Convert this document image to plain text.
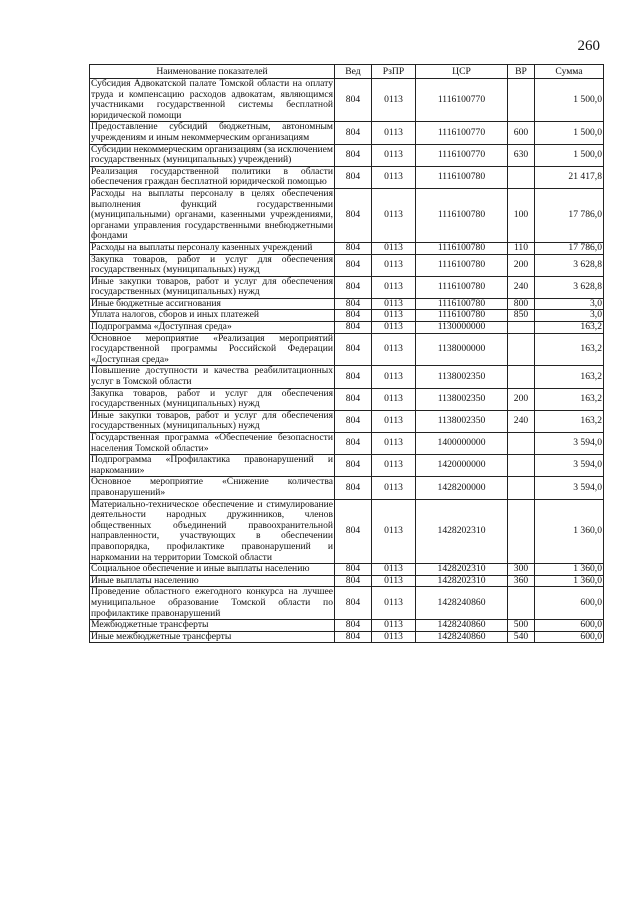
260
Наименование показателей	Вед	РзПР	ЦСР	ВР	Сумма
Субсидия Адвокатской палате Томской области на оплату труда и компенсацию расходов адвокатам, являющимся участниками государственной системы бесплатной юридической помощи	804	0113	1116100770		1 500,0
Предоставление субсидий бюджетным, автономным учреждениям и иным некоммерческим организациям	804	0113	1116100770	600	1 500,0
Субсидии некоммерческим организациям (за исключением государственных (муниципальных) учреждений)	804	0113	1116100770	630	1 500,0
Реализация государственной политики в области обеспечения граждан бесплатной юридической помощью	804	0113	1116100780		21 417,8
Расходы на выплаты персоналу в целях обеспечения выполнения функций государственными (муниципальными) органами, казенными учреждениями, органами управления государственными внебюджетными фондами	804	0113	1116100780	100	17 786,0
Расходы на выплаты персоналу казенных учреждений	804	0113	1116100780	110	17 786,0
Закупка товаров, работ и услуг для обеспечения государственных (муниципальных) нужд	804	0113	1116100780	200	3 628,8
Иные закупки товаров, работ и услуг для обеспечения государственных (муниципальных) нужд	804	0113	1116100780	240	3 628,8
Иные бюджетные ассигнования	804	0113	1116100780	800	3,0
Уплата налогов, сборов и иных платежей	804	0113	1116100780	850	3,0
Подпрограмма «Доступная среда»	804	0113	1130000000		163,2
Основное мероприятие «Реализация мероприятий государственной программы Российской Федерации «Доступная среда»	804	0113	1138000000		163,2
Повышение доступности и качества реабилитационных услуг в Томской области	804	0113	1138002350		163,2
Закупка товаров, работ и услуг для обеспечения государственных (муниципальных) нужд	804	0113	1138002350	200	163,2
Иные закупки товаров, работ и услуг для обеспечения государственных (муниципальных) нужд	804	0113	1138002350	240	163,2
Государственная программа «Обеспечение безопасности населения Томской области»	804	0113	1400000000		3 594,0
Подпрограмма «Профилактика правонарушений и наркомании»	804	0113	1420000000		3 594,0
Основное мероприятие «Снижение количества правонарушений»	804	0113	1428200000		3 594,0
Материально-техническое обеспечение и стимулирование деятельности народных дружинников, членов общественных объединений правоохранительной направленности, участвующих в обеспечении правопорядка, профилактике правонарушений и наркомании на территории Томской области	804	0113	1428202310		1 360,0
Социальное обеспечение и иные выплаты населению	804	0113	1428202310	300	1 360,0
Иные выплаты населению	804	0113	1428202310	360	1 360,0
Проведение областного ежегодного конкурса на лучшее муниципальное образование Томской области по профилактике правонарушений	804	0113	1428240860		600,0
Межбюджетные трансферты	804	0113	1428240860	500	600,0
Иные межбюджетные трансферты	804	0113	1428240860	540	600,0
